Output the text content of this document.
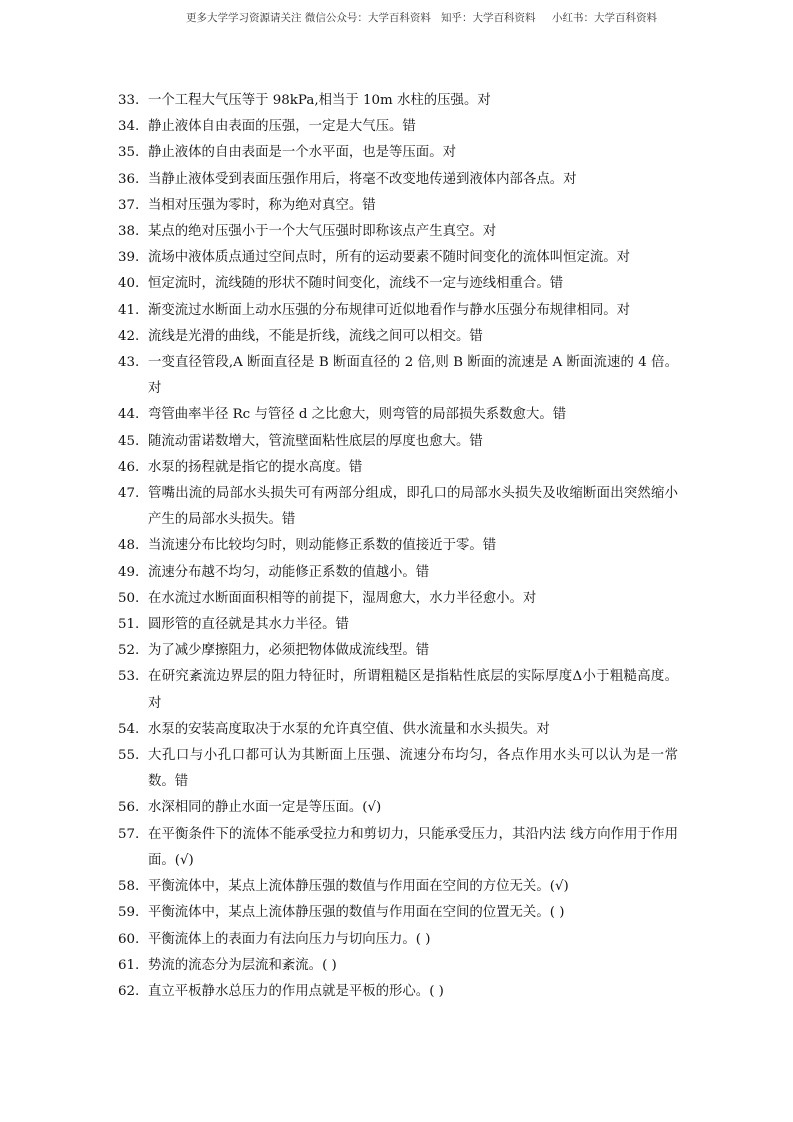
更多大学学习资源请关注 微信公众号：大学百科资料 知乎：大学百科资料 小红书：大学百科资料
33. 一个工程大气压等于 98kPa,相当于 10m 水柱的压强。对
34. 静止液体自由表面的压强，一定是大气压。错
35. 静止液体的自由表面是一个水平面，也是等压面。对
36. 当静止液体受到表面压强作用后，将毫不改变地传递到液体内部各点。对
37. 当相对压强为零时，称为绝对真空。错
38. 某点的绝对压强小于一个大气压强时即称该点产生真空。对
39. 流场中液体质点通过空间点时，所有的运动要素不随时间变化的流体叫恒定流。对
40. 恒定流时，流线随的形状不随时间变化，流线不一定与迹线相重合。错
41. 渐变流过水断面上动水压强的分布规律可近似地看作与静水压强分布规律相同。对
42. 流线是光滑的曲线，不能是折线，流线之间可以相交。错
43. 一变直径管段,A 断面直径是 B 断面直径的 2 倍,则 B 断面的流速是 A 断面流速的 4 倍。对
44. 弯管曲率半径 Rc 与管径 d 之比愈大，则弯管的局部损失系数愈大。错
45. 随流动雷诺数增大，管流壁面粘性底层的厚度也愈大。错
46. 水泵的扬程就是指它的提水高度。错
47. 管嘴出流的局部水头损失可有两部分组成，即孔口的局部水头损失及收缩断面出突然缩小产生的局部水头损失。错
48. 当流速分布比较均匀时，则动能修正系数的值接近于零。错
49. 流速分布越不均匀，动能修正系数的值越小。错
50. 在水流过水断面面积相等的前提下，湿周愈大，水力半径愈小。对
51. 圆形管的直径就是其水力半径。错
52. 为了减少摩擦阻力，必须把物体做成流线型。错
53. 在研究紊流边界层的阻力特征时，所谓粗糙区是指粘性底层的实际厚度Δ小于粗糙高度。对
54. 水泵的安装高度取决于水泵的允许真空值、供水流量和水头损失。对
55. 大孔口与小孔口都可认为其断面上压强、流速分布均匀，各点作用水头可以认为是一常数。错
56. 水深相同的静止水面一定是等压面。(√)
57. 在平衡条件下的流体不能承受拉力和剪切力，只能承受压力，其沿内法 线方向作用于作用面。(√)
58. 平衡流体中，某点上流体静压强的数值与作用面在空间的方位无关。(√)
59. 平衡流体中，某点上流体静压强的数值与作用面在空间的位置无关。( )
60. 平衡流体上的表面力有法向压力与切向压力。( )
61. 势流的流态分为层流和紊流。( )
62. 直立平板静水总压力的作用点就是平板的形心。( )
